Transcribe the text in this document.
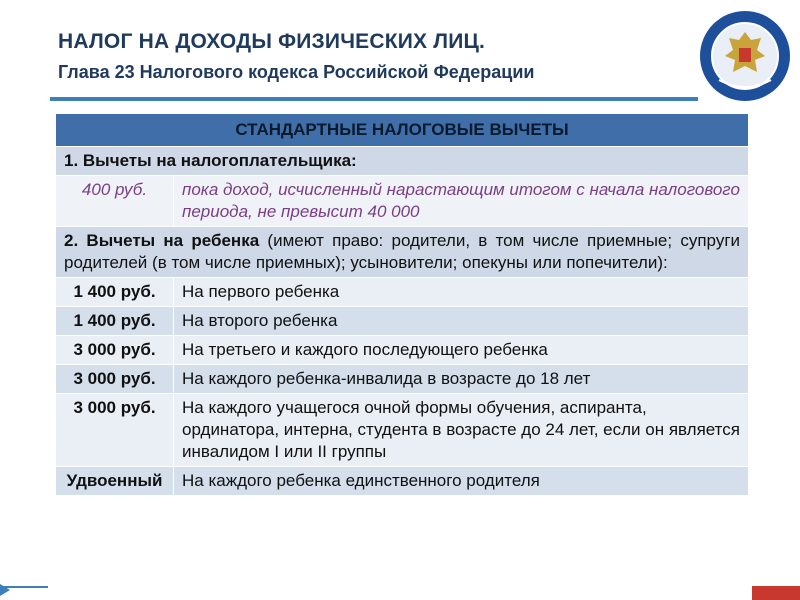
НАЛОГ НА ДОХОДЫ ФИЗИЧЕСКИХ ЛИЦ.
Глава 23 Налогового кодекса Российской Федерации
СТАНДАРТНЫЕ НАЛОГОВЫЕ ВЫЧЕТЫ	
1. Вычеты на налогоплательщика:	
400 руб.	пока доход, исчисленный нарастающим итогом с начала налогового периода, не превысит 40 000
2. Вычеты на ребенка (имеют право: родители, в том числе приемные; супруги родителей (в том числе приемных); усыновители; опекуны или попечители):	
1 400 руб.	На первого ребенка
1 400 руб.	На второго ребенка
3 000 руб.	На третьего и каждого последующего ребенка
3 000 руб.	На каждого ребенка-инвалида в возрасте до 18 лет
3 000 руб.	На каждого учащегося очной формы обучения, аспиранта, ординатора, интерна, студента в возрасте до 24 лет, если он является инвалидом I или II группы
Удвоенный	На каждого ребенка единственного родителя
